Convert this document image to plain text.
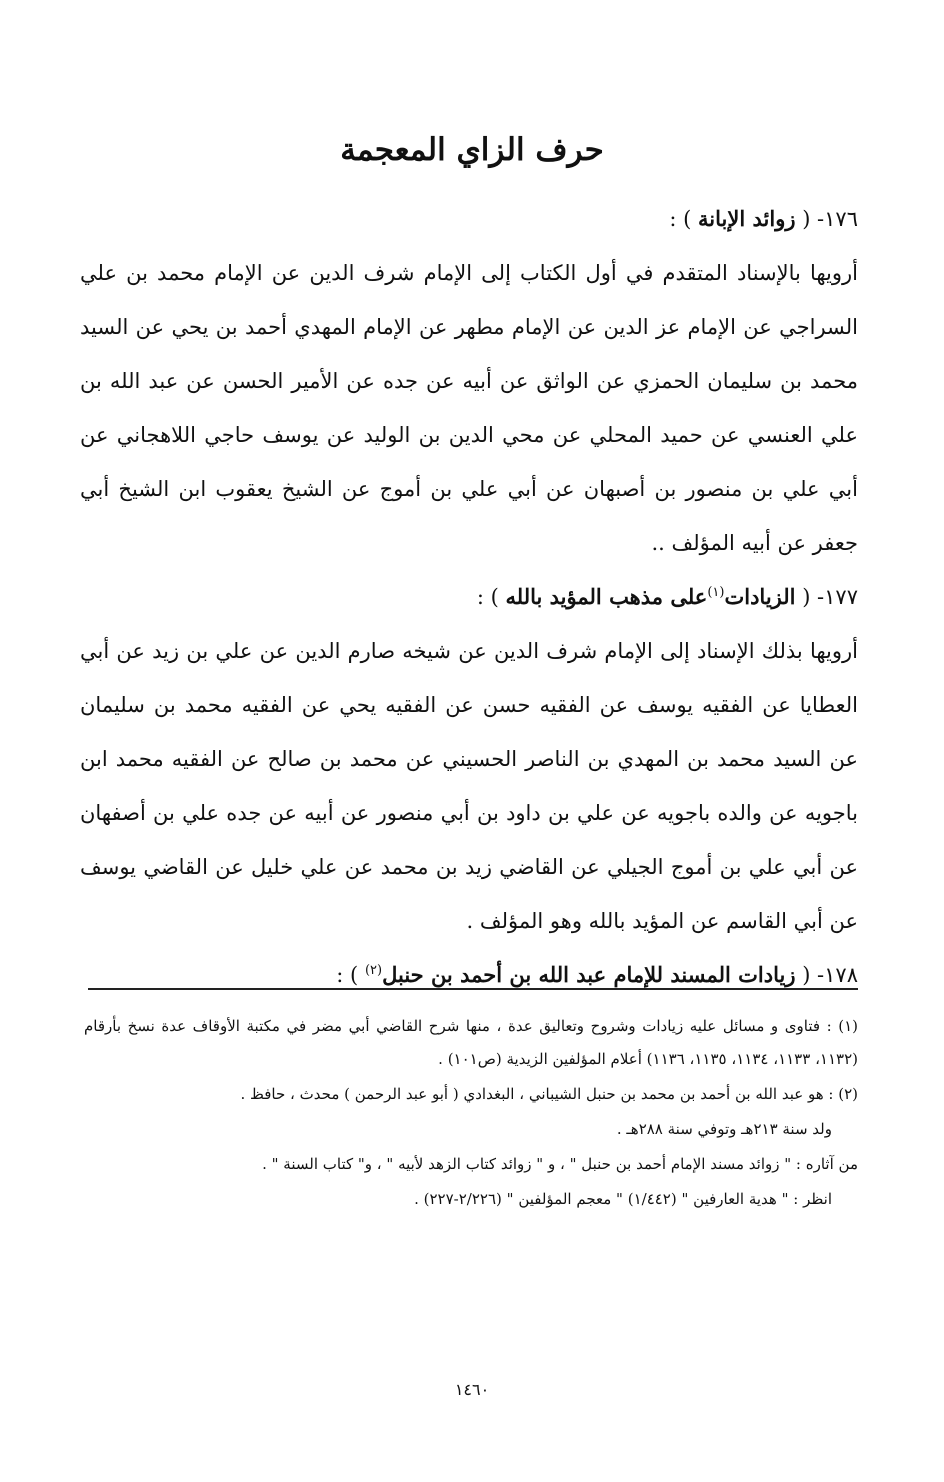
حرف الزاي المعجمة

١٧٦- ( زوائد الإبانة ) :

أرويها بالإسناد المتقدم في أول الكتاب إلى الإمام شرف الدين عن الإمام محمد بن علي السراجي عن الإمام عز الدين عن الإمام مطهر عن الإمام المهدي أحمد بن يحي عن السيد محمد بن سليمان الحمزي عن الواثق عن أبيه عن جده عن الأمير الحسن عن عبد الله بن علي العنسي عن حميد المحلي عن محي الدين بن الوليد عن يوسف حاجي اللاهجاني عن أبي علي بن منصور بن أصبهان عن أبي علي بن أموج عن الشيخ يعقوب ابن الشيخ أبي جعفر عن أبيه المؤلف ..

١٧٧- ( الزيادات$^{(١)}$على مذهب المؤيد بالله ) :

أرويها بذلك الإسناد إلى الإمام شرف الدين عن شيخه صارم الدين عن علي بن زيد عن أبي العطايا عن الفقيه يوسف عن الفقيه حسن عن الفقيه يحي عن الفقيه محمد بن سليمان عن السيد محمد بن المهدي بن الناصر الحسيني عن محمد بن صالح عن الفقيه محمد ابن باجويه عن والده باجويه عن علي بن داود بن أبي منصور عن أبيه عن جده علي بن أصفهان عن أبي علي بن أموج الجيلي عن القاضي زيد بن محمد عن علي خليل عن القاضي يوسف عن أبي القاسم عن المؤيد بالله وهو المؤلف .

١٧٨- ( زيادات المسند للإمام عبد الله بن أحمد بن حنبل$^{(٢)}$ ) :

(١) : فتاوى و مسائل عليه زيادات وشروح وتعاليق عدة ، منها شرح القاضي أبي مضر في مكتبة الأوقاف عدة نسخ بأرقام (١١٣٢، ١١٣٣، ١١٣٤، ١١٣٥، ١١٣٦) أعلام المؤلفين الزيدية (ص١٠١) .

(٢) : هو عبد الله بن أحمد بن محمد بن حنبل الشيباني ، البغدادي ( أبو عبد الرحمن ) محدث ، حافظ .

ولد سنة ٢١٣هـ وتوفي سنة ٢٨٨هـ .

من آثاره : " زوائد مسند الإمام أحمد بن حنبل " ، و " زوائد كتاب الزهد لأبيه " ، و" كتاب السنة " .

انظر : " هدية العارفين " (١/٤٤٢) " معجم المؤلفين " (٢/٢٢٦-٢٢٧) .

١٤٦٠
